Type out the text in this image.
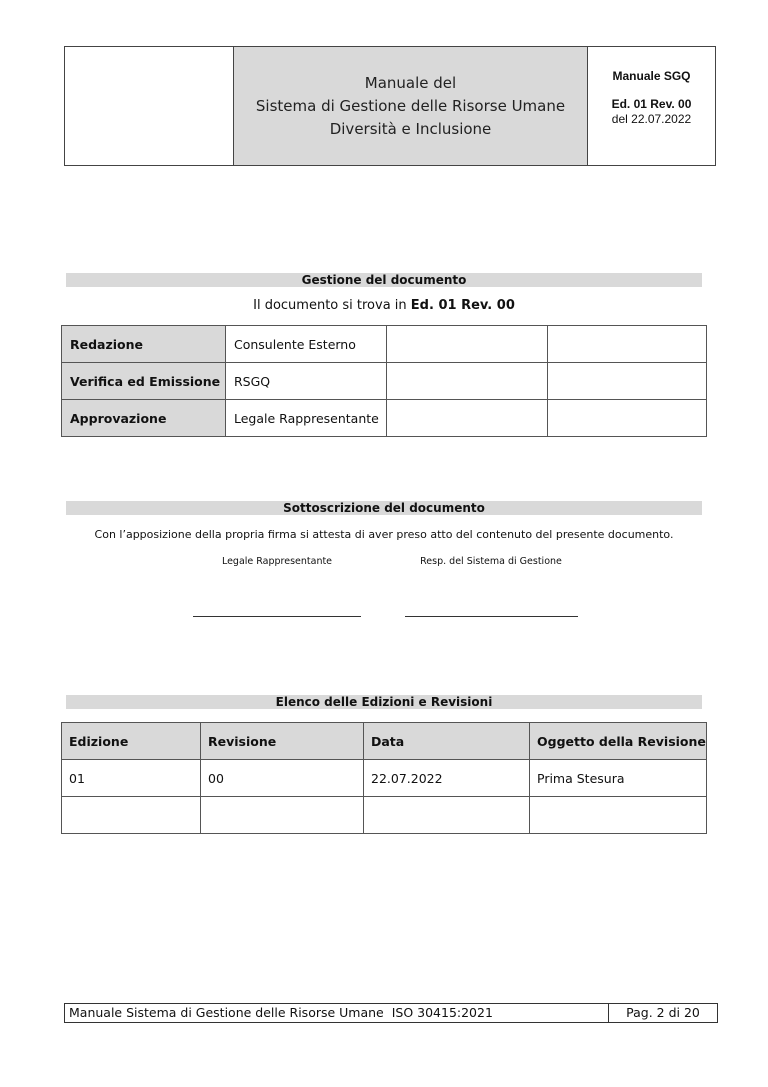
Manuale del
Sistema di Gestione delle Risorse Umane
Diversità e Inclusione
Manuale SGQ
Ed. 01 Rev. 00
del 22.07.2022
Gestione del documento
Il documento si trova in Ed. 01 Rev. 00
Redazione	Consulente Esterno		
Verifica ed Emissione	RSGQ		
Approvazione	Legale Rappresentante		
Sottoscrizione del documento
Con l’apposizione della propria firma si attesta di aver preso atto del contenuto del presente documento.
Legale Rappresentante	Resp. del Sistema di Gestione
Elenco delle Edizioni e Revisioni
Edizione	Revisione	Data	Oggetto della Revisione
01	00	22.07.2022	Prima Stesura

Manuale Sistema di Gestione delle Risorse Umane  ISO 30415:2021	Pag. 2 di 20
